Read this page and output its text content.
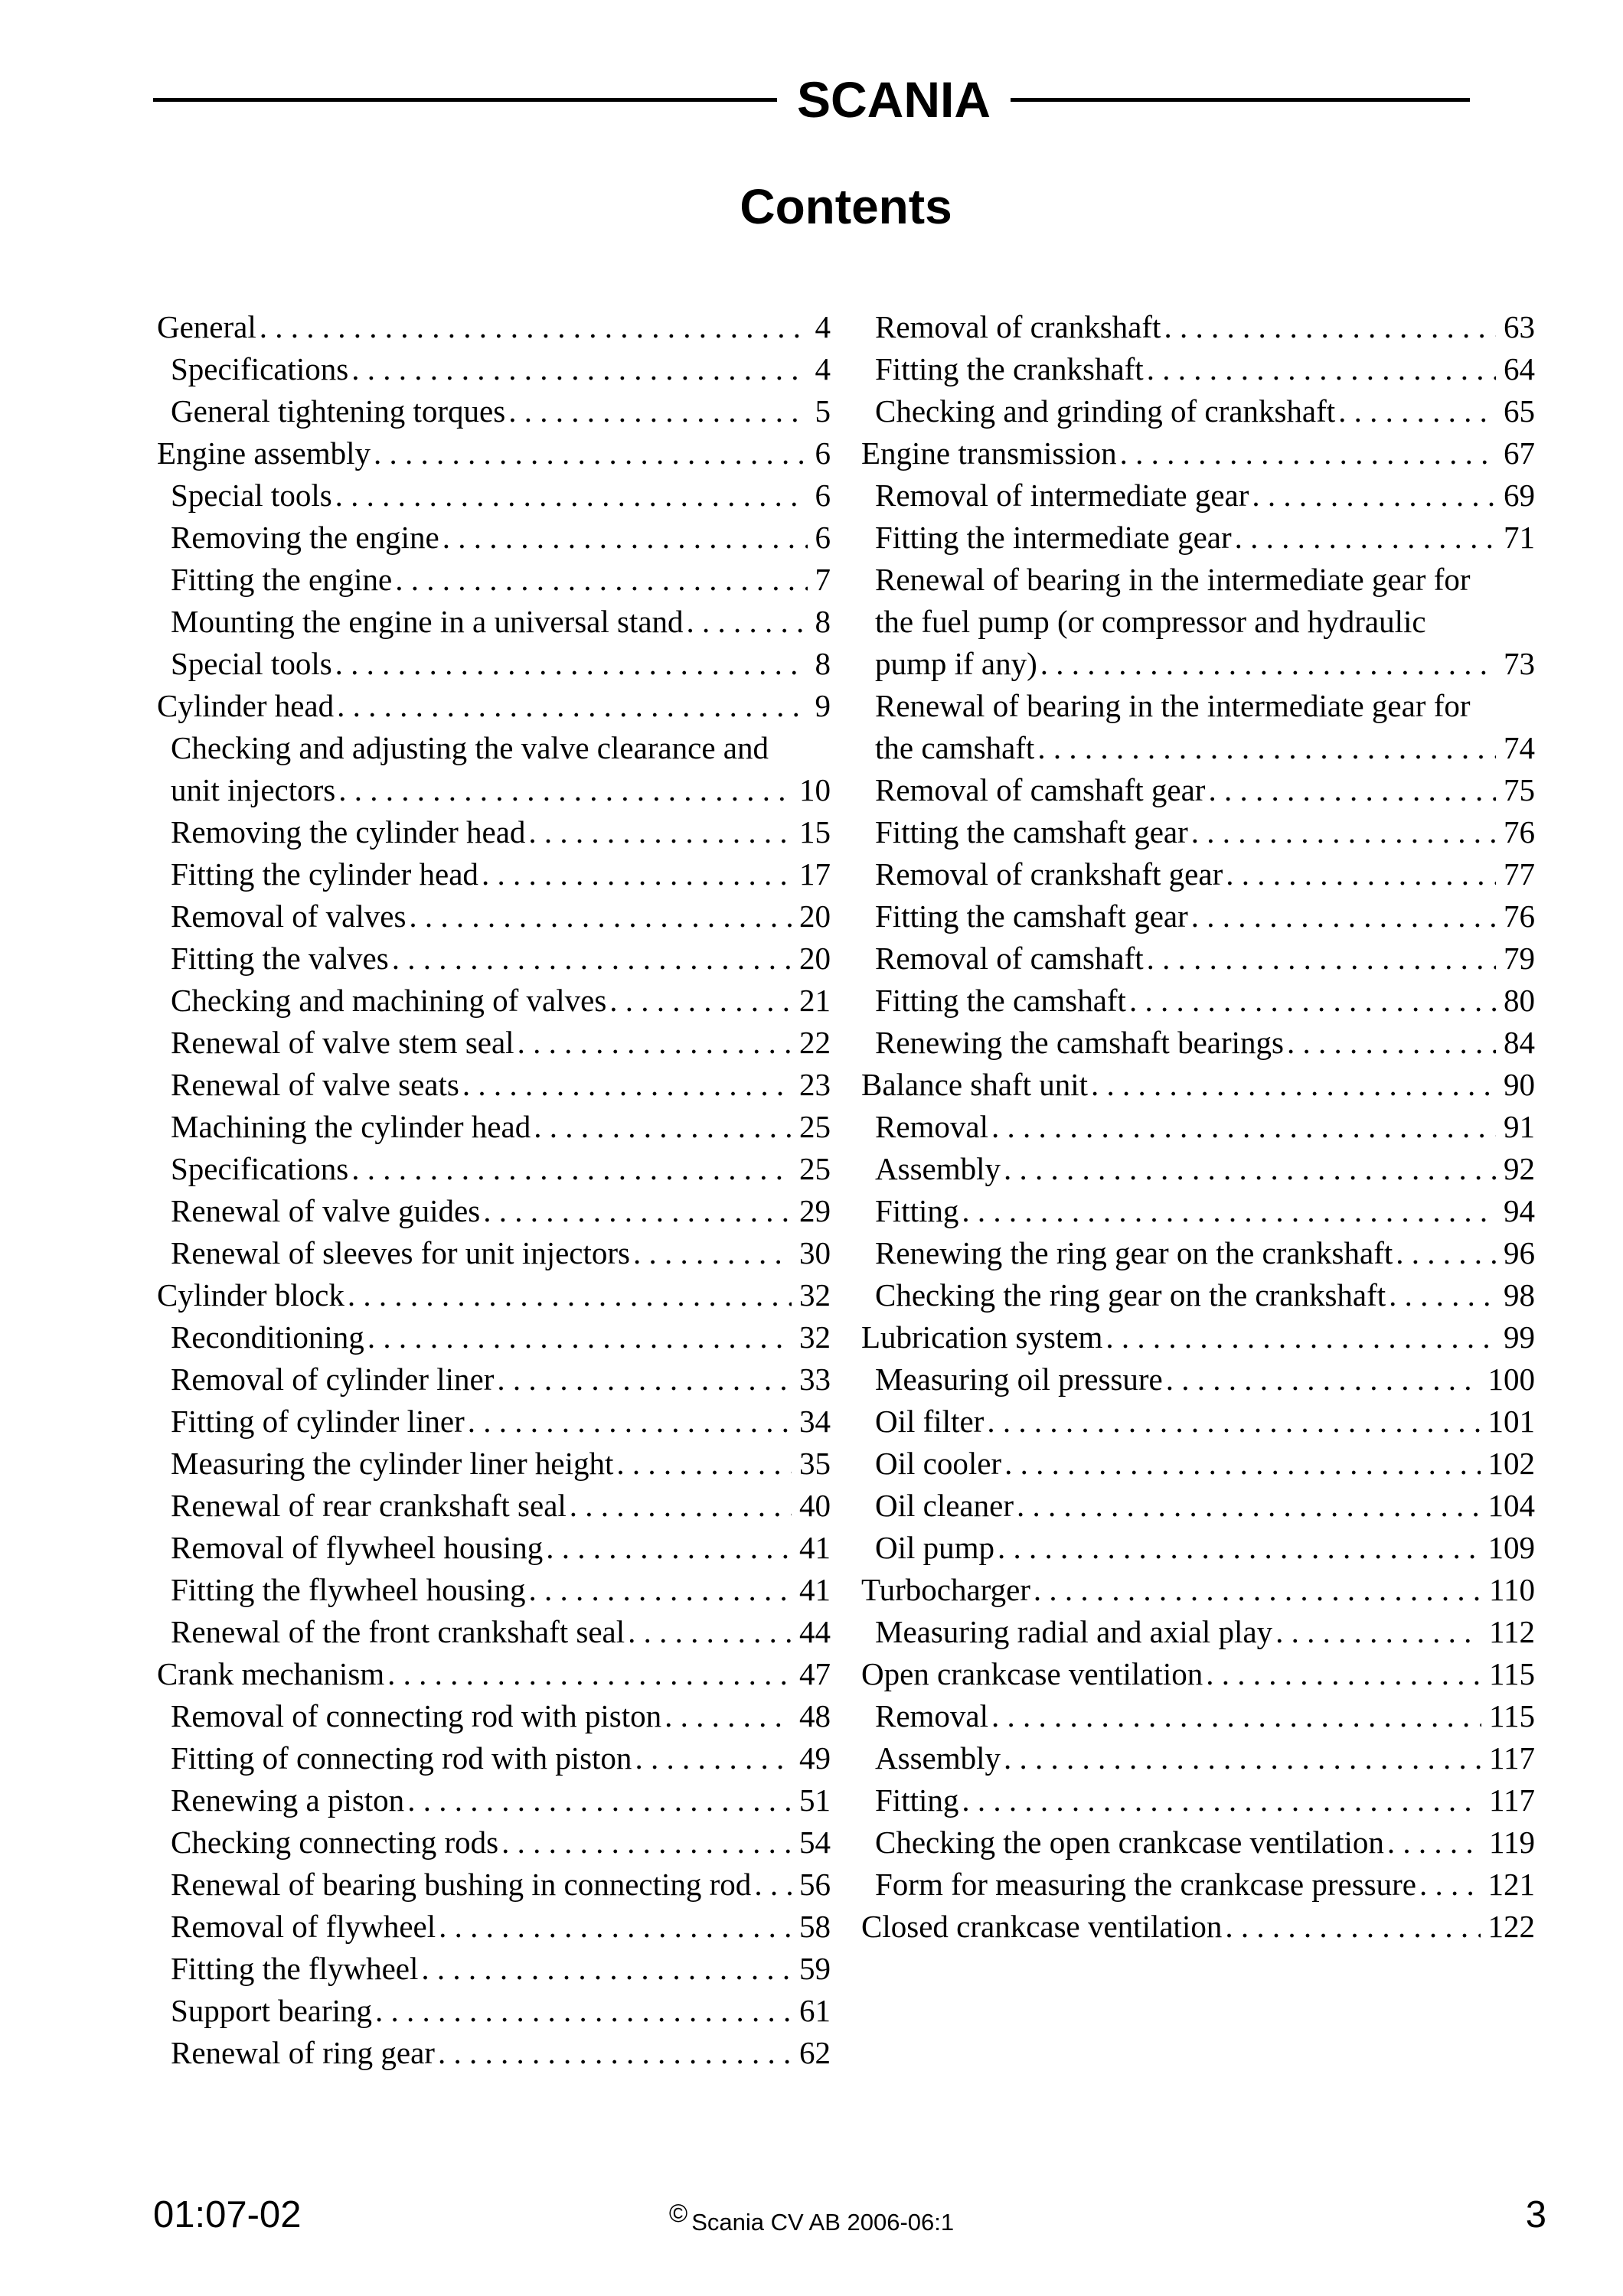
SCANIA
Contents
General . . .	4
Specifications . . .	4
General tightening torques . . .	5
Engine assembly . . .	6
Special tools . . .	6
Removing the engine . . .	6
Fitting the engine . . .	7
Mounting the engine in a universal stand . . .	8
Special tools . . .	8
Cylinder head . . .	9
Checking and adjusting the valve clearance and
unit injectors . . .	10
Removing the cylinder head . . .	15
Fitting the cylinder head . . .	17
Removal of valves . . .	20
Fitting the valves . . .	20
Checking and machining of valves . . .	21
Renewal of valve stem seal . . .	22
Renewal of valve seats . . .	23
Machining the cylinder head . . .	25
Specifications . . .	25
Renewal of valve guides . . .	29
Renewal of sleeves for unit injectors . . .	30
Cylinder block . . .	32
Reconditioning . . .	32
Removal of cylinder liner . . .	33
Fitting of cylinder liner . . .	34
Measuring the cylinder liner height . . .	35
Renewal of rear crankshaft seal . . .	40
Removal of flywheel housing . . .	41
Fitting the flywheel housing . . .	41
Renewal of the front crankshaft seal . . .	44
Crank mechanism . . .	47
Removal of connecting rod with piston . . .	48
Fitting of connecting rod with piston . . .	49
Renewing a piston . . .	51
Checking connecting rods . . .	54
Renewal of bearing bushing in connecting rod . . . 56
Removal of flywheel . . .	58
Fitting the flywheel . . .	59
Support bearing . . .	61
Renewal of ring gear . . .	62
Removal of crankshaft . . .	63
Fitting the crankshaft . . .	64
Checking and grinding of crankshaft . . .	65
Engine transmission . . .	67
Removal of intermediate gear . . .	69
Fitting the intermediate gear . . .	71
Renewal of bearing in the intermediate gear for
the fuel pump (or compressor and hydraulic
pump if any) . . .	73
Renewal of bearing in the intermediate gear for
the camshaft . . .	74
Removal of camshaft gear . . .	75
Fitting the camshaft gear . . .	76
Removal of crankshaft gear . . .	77
Fitting the camshaft gear . . .	76
Removal of camshaft . . .	79
Fitting the camshaft . . .	80
Renewing the camshaft bearings . . .	84
Balance shaft unit . . .	90
Removal . . .	91
Assembly . . .	92
Fitting . . .	94
Renewing the ring gear on the crankshaft . . .	96
Checking the ring gear on the crankshaft . . .	98
Lubrication system . . .	99
Measuring oil pressure . . .	100
Oil filter . . .	101
Oil cooler . . .	102
Oil cleaner . . .	104
Oil pump . . .	109
Turbocharger . . .	110
Measuring radial and axial play . . .	112
Open crankcase ventilation . . .	115
Removal . . .	115
Assembly . . .	117
Fitting . . .	117
Checking the open crankcase ventilation . . .	119
Form for measuring the crankcase pressure . . . 121
Closed crankcase ventilation . . .	122
01:07-02	© Scania CV AB 2006-06:1	3
